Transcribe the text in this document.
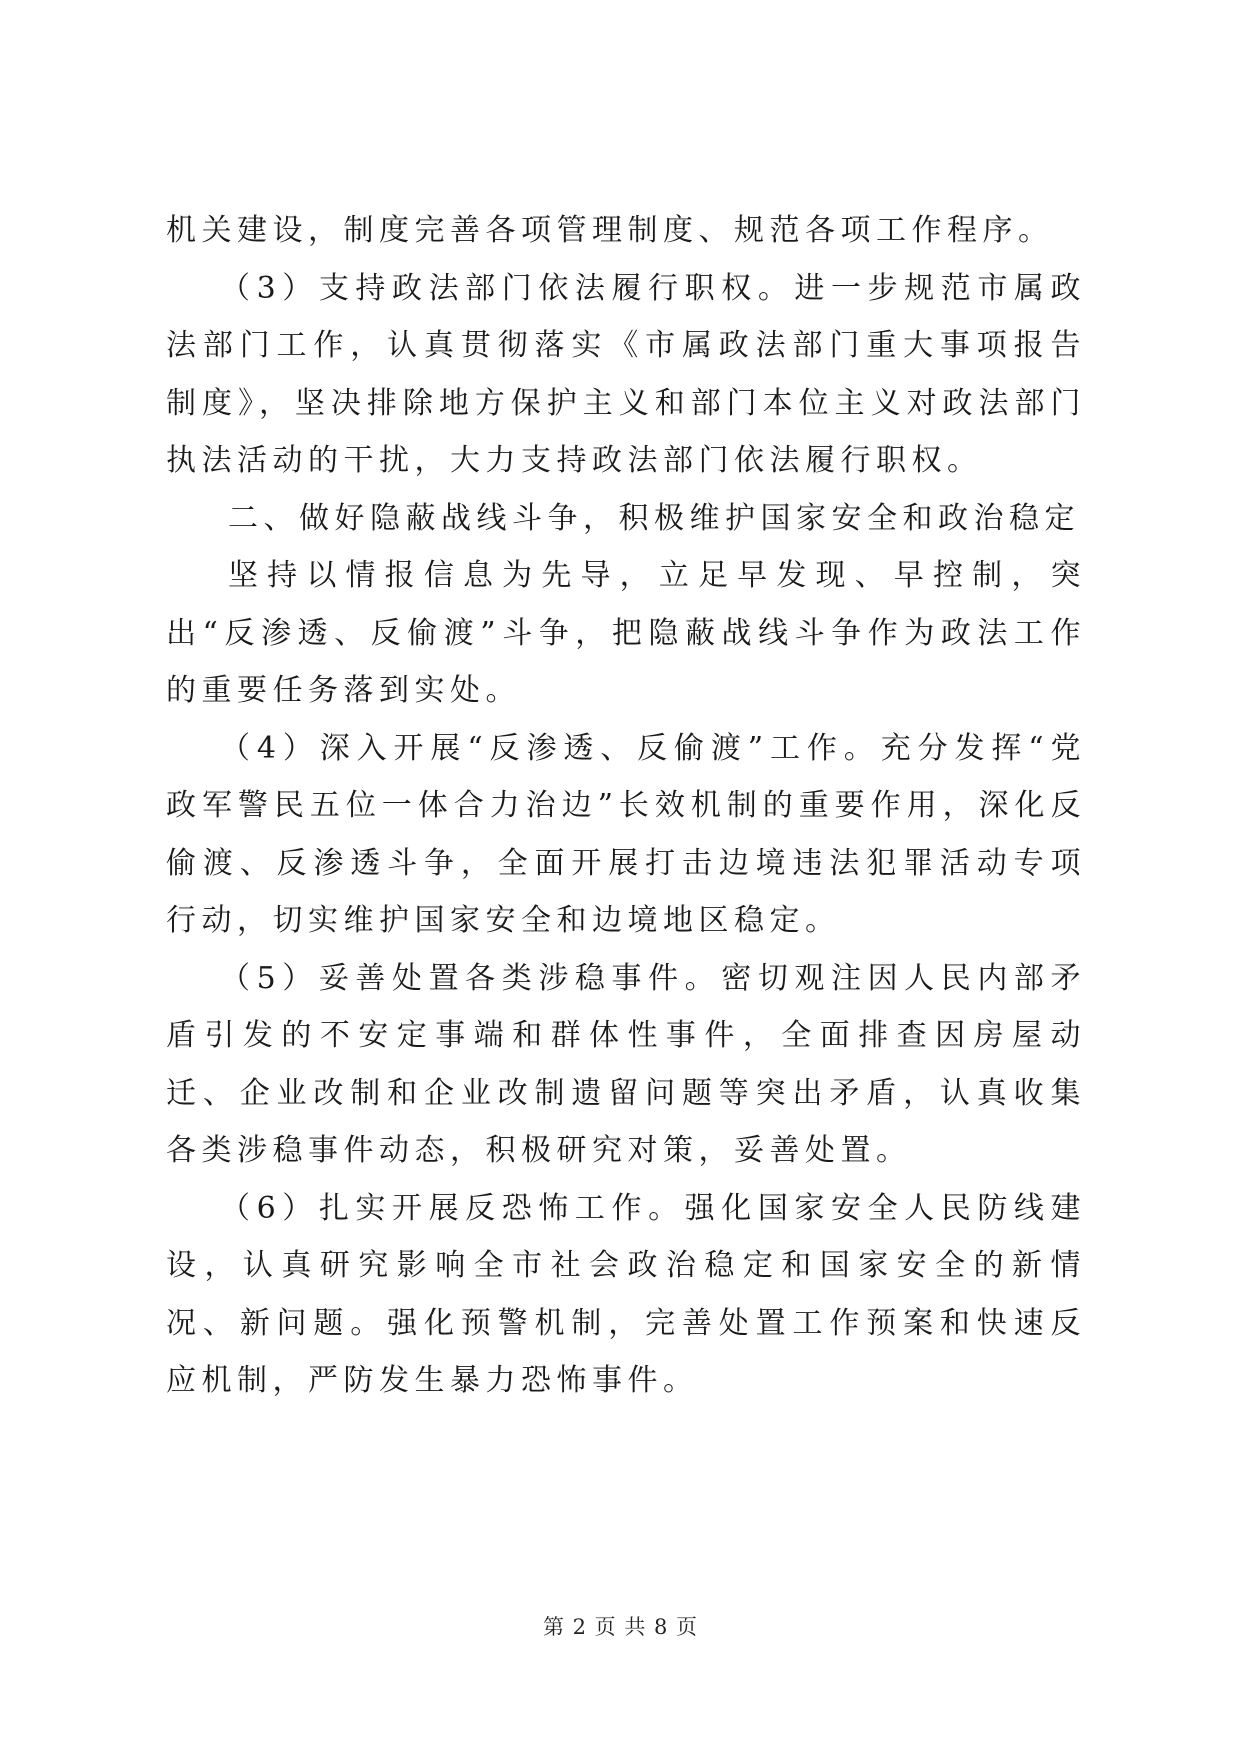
机关建设，制度完善各项管理制度、规范各项工作程序。

（3）支持政法部门依法履行职权。进一步规范市属政法部门工作，认真贯彻落实《市属政法部门重大事项报告制度》，坚决排除地方保护主义和部门本位主义对政法部门执法活动的干扰，大力支持政法部门依法履行职权。

二、做好隐蔽战线斗争，积极维护国家安全和政治稳定

坚持以情报信息为先导，立足早发现、早控制，突出“反渗透、反偷渡”斗争，把隐蔽战线斗争作为政法工作的重要任务落到实处。

（4）深入开展“反渗透、反偷渡”工作。充分发挥“党政军警民五位一体合力治边”长效机制的重要作用，深化反偷渡、反渗透斗争，全面开展打击边境违法犯罪活动专项行动，切实维护国家安全和边境地区稳定。

（5）妥善处置各类涉稳事件。密切观注因人民内部矛盾引发的不安定事端和群体性事件，全面排查因房屋动迁、企业改制和企业改制遗留问题等突出矛盾，认真收集各类涉稳事件动态，积极研究对策，妥善处置。

（6）扎实开展反恐怖工作。强化国家安全人民防线建设，认真研究影响全市社会政治稳定和国家安全的新情况、新问题。强化预警机制，完善处置工作预案和快速反应机制，严防发生暴力恐怖事件。

第 2 页 共 8 页
